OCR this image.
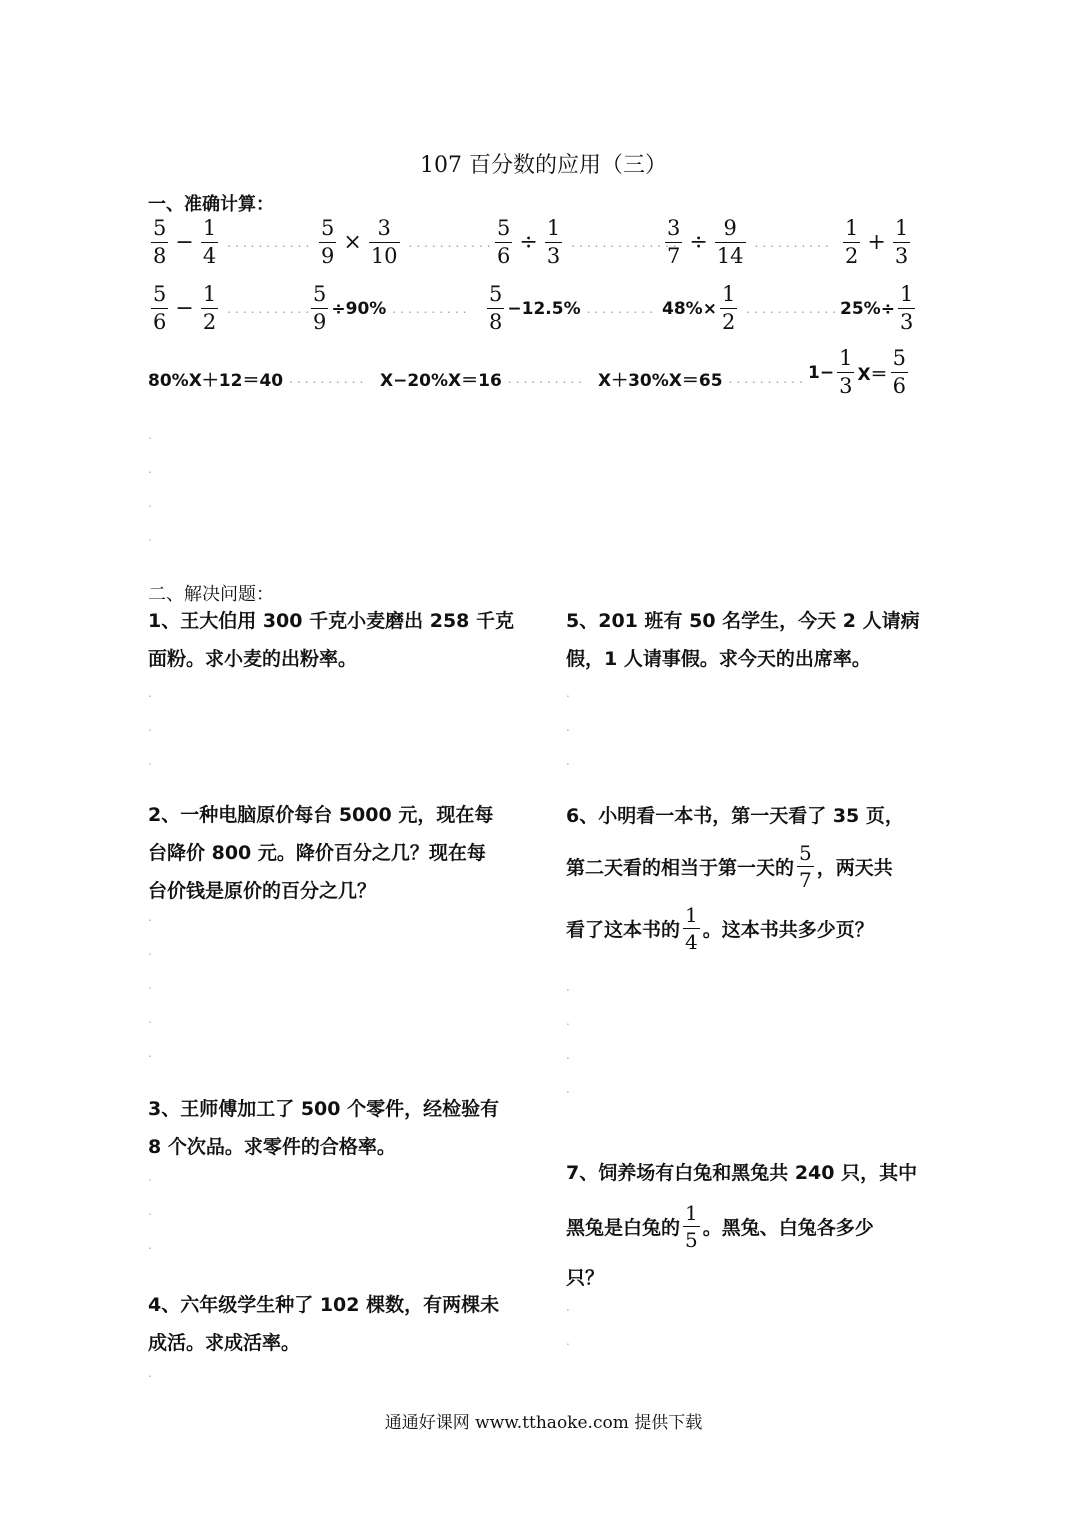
107 百分数的应用（三）
一、准确计算：
$\frac{5}{8} - \frac{1}{4}$ ........... $\frac{5}{9} \times \frac{3}{10}$ ........... $\frac{5}{6} \div \frac{1}{3}$ ..............
$\frac{3}{7} \div \frac{9}{14}$ .......... $\frac{1}{2} + \frac{1}{3}$
$\frac{5}{6} - \frac{1}{2}$ ...........
$\frac{5}{9} \div 90\%$ .......... $\frac{5}{8} -12.5\%$ ......... $48\%\times \frac{1}{2}$ ............ $25\%\div \frac{1}{3}$
80%X＋12＝40 .......... X−20%X＝16 .......... X＋30%X＝65 .......... $1- \frac{1}{3} X= \frac{5}{6}$
.
.
.
.
二、解决问题：
1、王大伯用 300 千克小麦磨出 258 千克
面粉。求小麦的出粉率。
2、一种电脑原价每台 5000 元，现在每
台降价 800 元。降价百分之几？现在每
台价钱是原价的百分之几？
3、王师傅加工了 500 个零件，经检验有
8 个次品。求零件的合格率。
4、六年级学生种了 102 棵数，有两棵未
成活。求成活率。
5、201 班有 50 名学生，今天 2 人请病
假，1 人请事假。求今天的出席率。
6、小明看一本书，第一天看了 35 页，
第二天看的相当于第一天的 $\frac{5}{7}$ ，两天共
看了这本书的 $\frac{1}{4}$ 。这本书共多少页？
7、饲养场有白兔和黑兔共 240 只，其中
黑兔是白兔的 $\frac{1}{5}$ 。黑兔、白兔各多少
只？
.
.
.
.
.
.
.
.
.
.
.
.
.
.
.
.
.
.
.
.
.
通通好课网 www.tthaoke.com 提供下载
